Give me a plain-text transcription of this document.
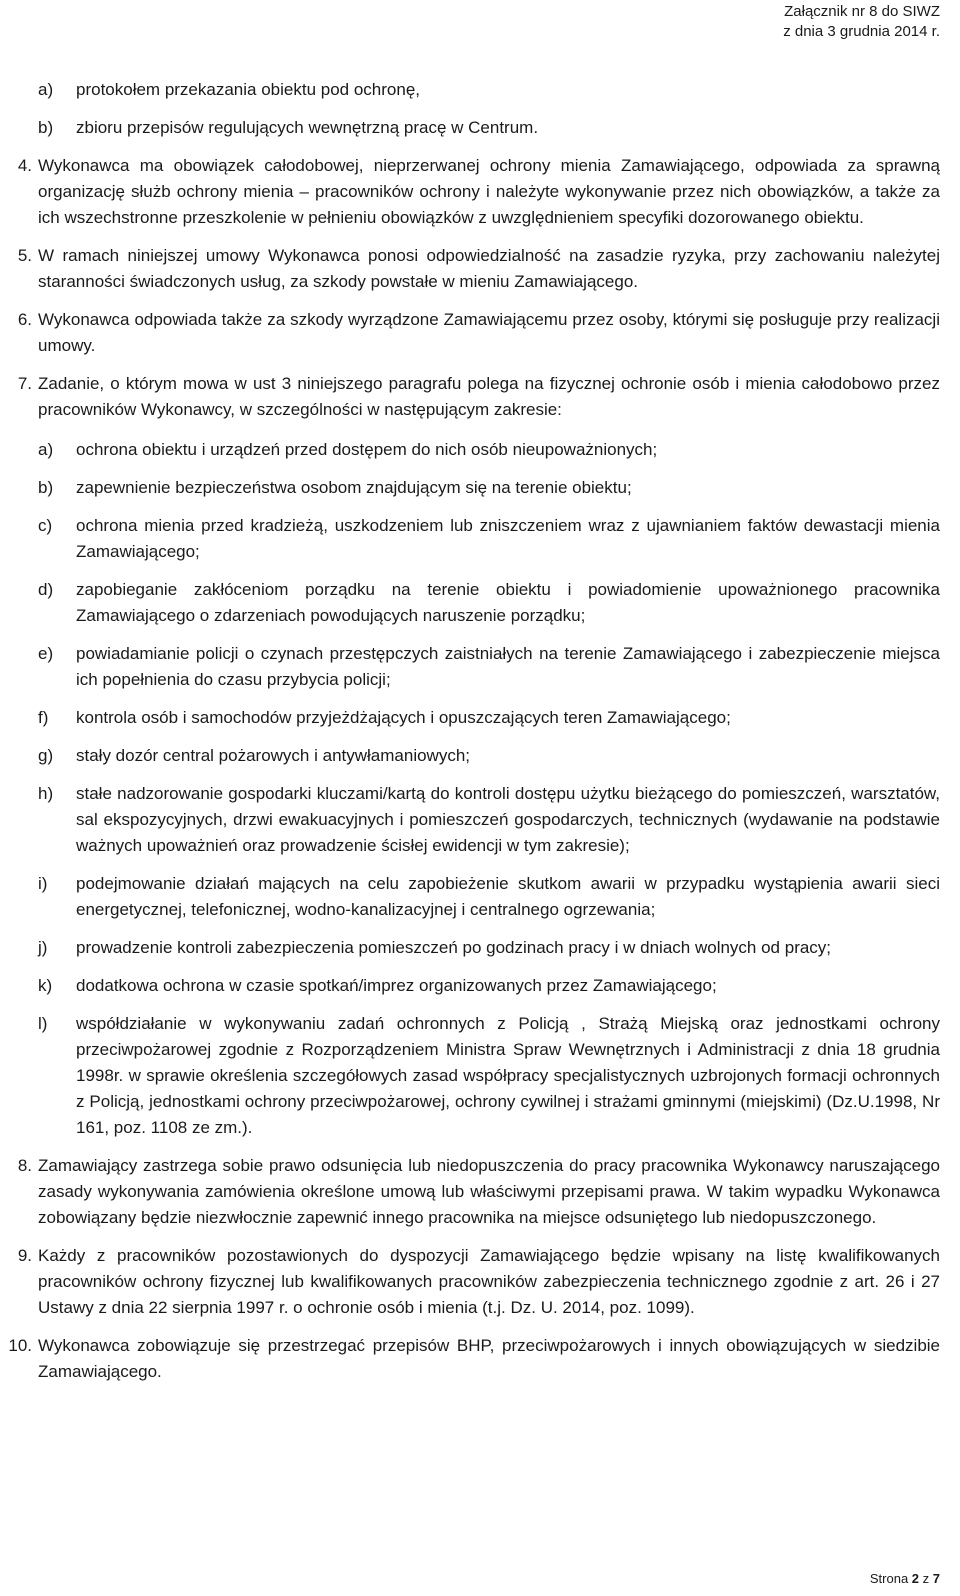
Załącznik nr 8 do SIWZ
z dnia 3 grudnia 2014 r.
a)	protokołem przekazania obiektu pod ochronę,
b)	zbioru przepisów regulujących wewnętrzną pracę w Centrum.
4. Wykonawca ma obowiązek całodobowej, nieprzerwanej ochrony mienia Zamawiającego, odpowiada za sprawną organizację służb ochrony mienia – pracowników ochrony i należyte wykonywanie przez nich obowiązków, a także za ich wszechstronne przeszkolenie w pełnieniu obowiązków z uwzględnieniem specyfiki dozorowanego obiektu.
5. W ramach niniejszej umowy Wykonawca ponosi odpowiedzialność na zasadzie ryzyka, przy zachowaniu należytej staranności świadczonych usług, za szkody powstałe w mieniu Zamawiającego.
6. Wykonawca odpowiada także za szkody wyrządzone Zamawiającemu przez osoby, którymi się posługuje przy realizacji umowy.
7. Zadanie, o którym mowa w ust 3 niniejszego paragrafu polega na fizycznej ochronie osób i mienia całodobowo przez pracowników Wykonawcy, w szczególności w następującym zakresie:
a)	ochrona obiektu i urządzeń przed dostępem do nich osób nieupoważnionych;
b)	zapewnienie bezpieczeństwa osobom znajdującym się na terenie obiektu;
c)	ochrona mienia przed kradzieżą, uszkodzeniem lub zniszczeniem wraz z ujawnianiem faktów dewastacji mienia Zamawiającego;
d)	zapobieganie zakłóceniom porządku na terenie obiektu i powiadomienie upoważnionego pracownika Zamawiającego o zdarzeniach powodujących naruszenie porządku;
e)	powiadamianie policji o czynach przestępczych zaistniałych na terenie Zamawiającego i zabezpieczenie miejsca ich popełnienia do czasu przybycia policji;
f)	kontrola osób i samochodów przyjeżdżających i opuszczających teren Zamawiającego;
g)	stały dozór central pożarowych i antywłamaniowych;
h)	stałe nadzorowanie gospodarki kluczami/kartą do kontroli dostępu użytku bieżącego do pomieszczeń, warsztatów, sal ekspozycyjnych, drzwi ewakuacyjnych i pomieszczeń gospodarczych, technicznych (wydawanie na podstawie ważnych upoważnień oraz prowadzenie ścisłej ewidencji w tym zakresie);
i)	podejmowanie działań mających na celu zapobieżenie skutkom awarii w przypadku wystąpienia awarii sieci energetycznej, telefonicznej, wodno-kanalizacyjnej i centralnego ogrzewania;
j)	prowadzenie kontroli zabezpieczenia pomieszczeń po godzinach pracy i w dniach wolnych od pracy;
k)	dodatkowa ochrona w czasie spotkań/imprez organizowanych przez Zamawiającego;
l)	współdziałanie w wykonywaniu zadań ochronnych z Policją , Strażą Miejską oraz jednostkami ochrony przeciwpożarowej zgodnie z Rozporządzeniem Ministra Spraw Wewnętrznych i Administracji z dnia 18 grudnia 1998r. w sprawie określenia szczegółowych zasad współpracy specjalistycznych uzbrojonych formacji ochronnych z Policją, jednostkami ochrony przeciwpożarowej, ochrony cywilnej i strażami gminnymi (miejskimi) (Dz.U.1998, Nr 161, poz. 1108 ze zm.).
8. Zamawiający zastrzega sobie prawo odsunięcia lub niedopuszczenia do pracy pracownika Wykonawcy naruszającego zasady wykonywania zamówienia określone umową lub właściwymi przepisami prawa. W takim wypadku Wykonawca zobowiązany będzie niezwłocznie zapewnić innego pracownika na miejsce odsuniętego lub niedopuszczonego.
9. Każdy z pracowników pozostawionych do dyspozycji Zamawiającego będzie wpisany na listę kwalifikowanych pracowników ochrony fizycznej lub kwalifikowanych pracowników zabezpieczenia technicznego zgodnie z art. 26 i 27 Ustawy z dnia 22 sierpnia 1997 r. o ochronie osób i mienia (t.j. Dz. U. 2014, poz. 1099).
10. Wykonawca zobowiązuje się przestrzegać przepisów BHP, przeciwpożarowych i innych obowiązujących w siedzibie Zamawiającego.
Strona 2 z 7
